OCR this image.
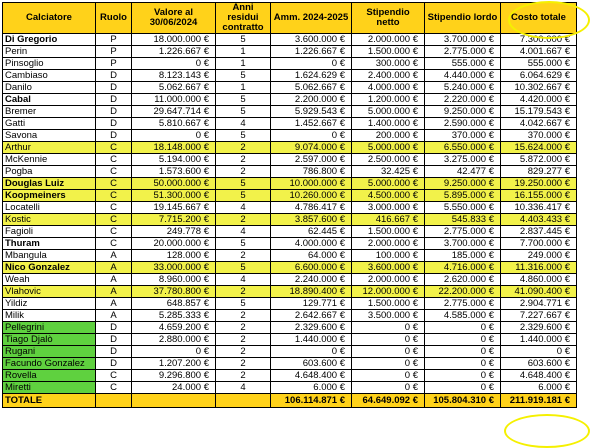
Calciatore	Ruolo	Valore al 30/06/2024	Anni residui contratto	Amm. 2024-2025	Stipendio netto	Stipendio lordo	Costo totale
Di Gregorio	P	18.000.000 €	5	3.600.000 €	2.000.000 €	3.700.000 €	7.300.000 €
Perin	P	1.226.667 €	1	1.226.667 €	1.500.000 €	2.775.000 €	4.001.667 €
Pinsoglio	P	0 €	1	0 €	300.000 €	555.000 €	555.000 €
Cambiaso	D	8.123.143 €	5	1.624.629 €	2.400.000 €	4.440.000 €	6.064.629 €
Danilo	D	5.062.667 €	1	5.062.667 €	4.000.000 €	5.240.000 €	10.302.667 €
Cabal	D	11.000.000 €	5	2.200.000 €	1.200.000 €	2.220.000 €	4.420.000 €
Bremer	D	29.647.714 €	5	5.929.543 €	5.000.000 €	9.250.000 €	15.179.543 €
Gatti	D	5.810.667 €	4	1.452.667 €	1.400.000 €	2.590.000 €	4.042.667 €
Savona	D	0 €	5	0 €	200.000 €	370.000 €	370.000 €
Arthur	C	18.148.000 €	2	9.074.000 €	5.000.000 €	6.550.000 €	15.624.000 €
McKennie	C	5.194.000 €	2	2.597.000 €	2.500.000 €	3.275.000 €	5.872.000 €
Pogba	C	1.573.600 €	2	786.800 €	32.425 €	42.477 €	829.277 €
Douglas Luiz	C	50.000.000 €	5	10.000.000 €	5.000.000 €	9.250.000 €	19.250.000 €
Koopmeiners	C	51.300.000 €	5	10.260.000 €	4.500.000 €	5.895.000 €	16.155.000 €
Locatelli	C	19.145.667 €	4	4.786.417 €	3.000.000 €	5.550.000 €	10.336.417 €
Kostic	C	7.715.200 €	2	3.857.600 €	416.667 €	545.833 €	4.403.433 €
Fagioli	C	249.778 €	4	62.445 €	1.500.000 €	2.775.000 €	2.837.445 €
Thuram	C	20.000.000 €	5	4.000.000 €	2.000.000 €	3.700.000 €	7.700.000 €
Mbangula	A	128.000 €	2	64.000 €	100.000 €	185.000 €	249.000 €
Nico Gonzalez	A	33.000.000 €	5	6.600.000 €	3.600.000 €	4.716.000 €	11.316.000 €
Weah	A	8.960.000 €	4	2.240.000 €	2.000.000 €	2.620.000 €	4.860.000 €
Vlahovic	A	37.780.800 €	2	18.890.400 €	12.000.000 €	22.200.000 €	41.090.400 €
Yildiz	A	648.857 €	5	129.771 €	1.500.000 €	2.775.000 €	2.904.771 €
Milik	A	5.285.333 €	2	2.642.667 €	3.500.000 €	4.585.000 €	7.227.667 €
Pellegrini	D	4.659.200 €	2	2.329.600 €	0 €	0 €	2.329.600 €
Tiago Djalò	D	2.880.000 €	2	1.440.000 €	0 €	0 €	1.440.000 €
Rugani	D	0 €	2	0 €	0 €	0 €	0 €
Facundo Gonzalez	D	1.207.200 €	2	603.600 €	0 €	0 €	603.600 €
Rovella	C	9.296.800 €	2	4.648.400 €	0 €	0 €	4.648.400 €
Miretti	C	24.000 €	4	6.000 €	0 €	0 €	6.000 €
TOTALE				106.114.871 €	64.649.092 €	105.804.310 €	211.919.181 €
